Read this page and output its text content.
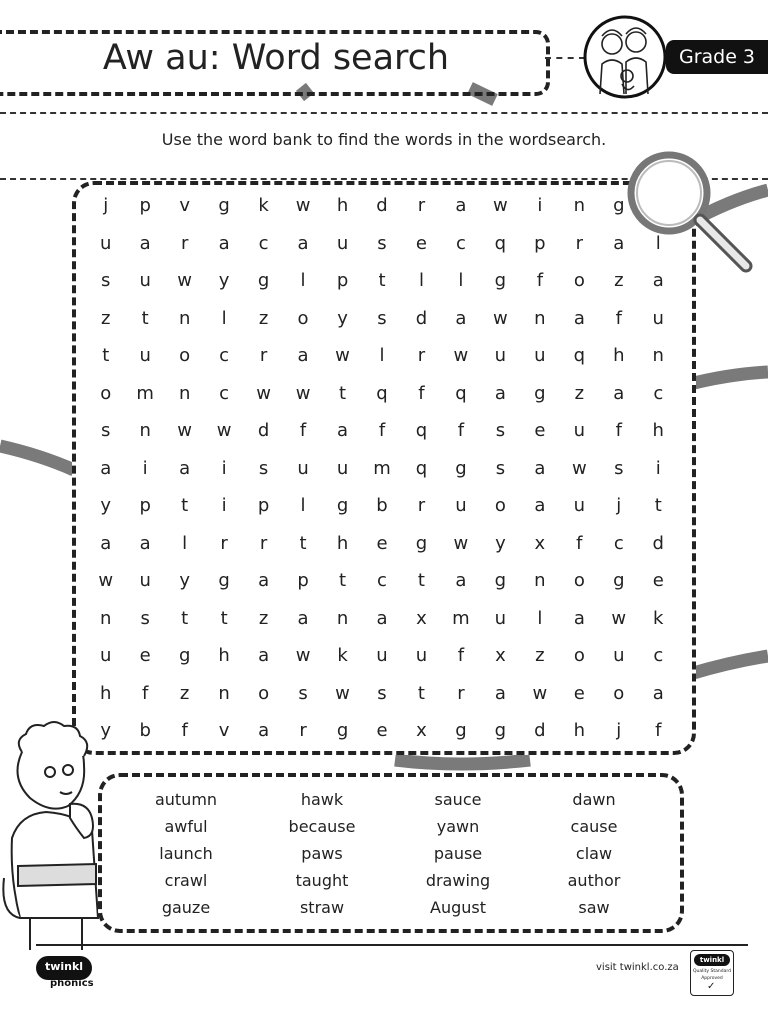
Aw au: Word search	Grade 3
Use the word bank to find the words in the wordsearch.
j p v g k w h d r a w i n g
u a r a c a u s e c q p r a l
s u w y g l p t l l g f o z a
z t n l z o y s d a w n a f u
t u o c r a w l r w u u q h n
o m n c w w t q f q a g z a c
s n w w d f a f q f s e u f h
a i a i s u u m q g s a w s i
y p t i p l g b r u o a u j t
a a l r r t h e g w y x f c d
w u y g a p t c t a g n o g e
n s t t z a n a x m u l a w k
u e g h a w k u u f x z o u c
h f z n o s w s t r a w e o a
y b f v a r g e x g g d h j f
autumn	hawk	sauce	dawn
awful	because	yawn	cause
launch	paws	pause	claw
crawl	taught	drawing	author
gauze	straw	August	saw
twinkl
phonics
visit twinkl.co.za
twinkl
Quality Standard
Approved
✓
